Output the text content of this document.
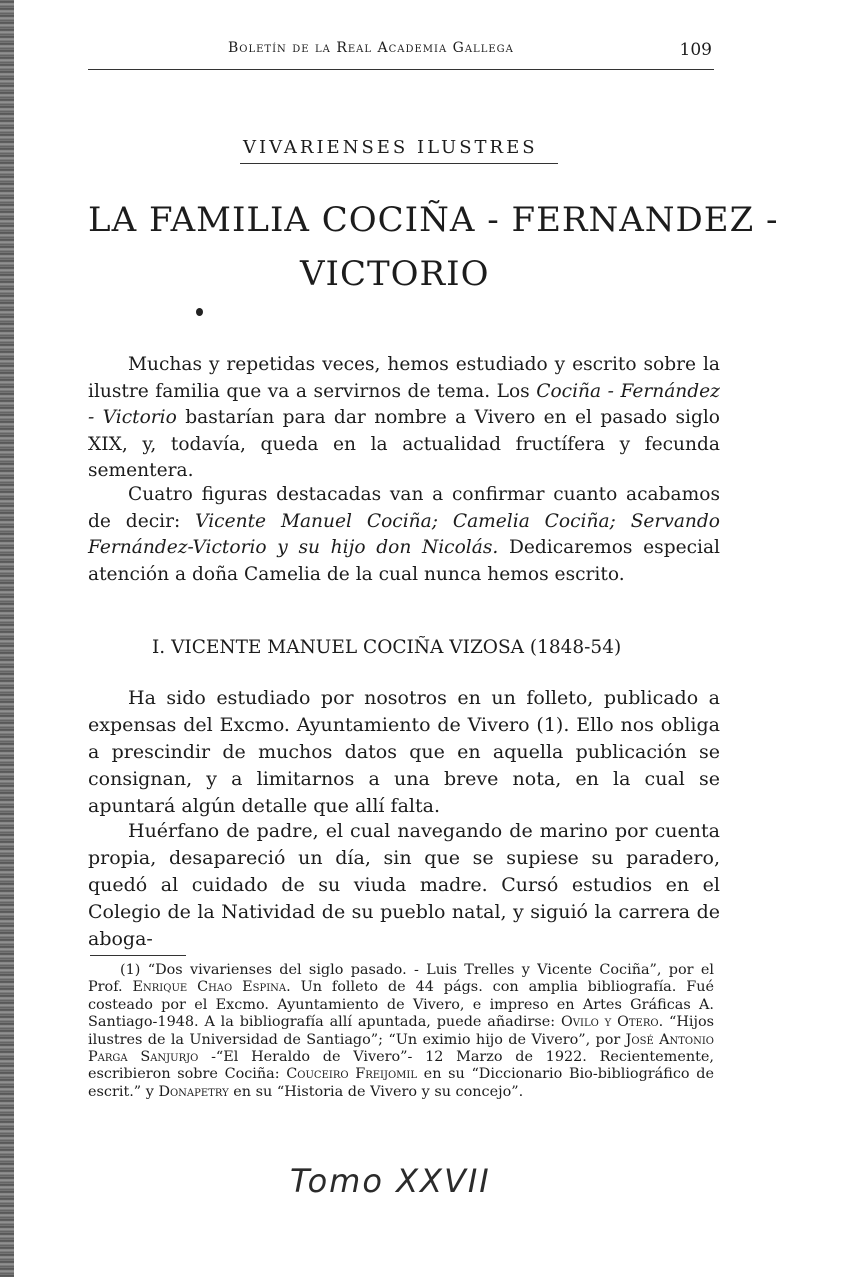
Boletín de la Real Academia Gallega	109
VIVARIENSES ILUSTRES
LA FAMILIA COCIÑA - FERNANDEZ -
VICTORIO

Muchas y repetidas veces, hemos estudiado y escrito sobre la ilustre familia que va a servirnos de tema. Los Cociña - Fernández - Victorio bastarían para dar nombre a Vivero en el pasado siglo XIX, y, todavía, queda en la actualidad fructífera y fecunda sementera.

Cuatro figuras destacadas van a confirmar cuanto acabamos de decir: Vicente Manuel Cociña; Camelia Cociña; Servando Fernández-Victorio y su hijo don Nicolás. Dedicaremos especial atención a doña Camelia de la cual nunca hemos escrito.

I. VICENTE MANUEL COCIÑA VIZOSA (1848-54)

Ha sido estudiado por nosotros en un folleto, publicado a expensas del Excmo. Ayuntamiento de Vivero (1). Ello nos obliga a prescindir de muchos datos que en aquella publicación se consignan, y a limitarnos a una breve nota, en la cual se apuntará algún detalle que allí falta.

Huérfano de padre, el cual navegando de marino por cuenta propia, desapareció un día, sin que se supiese su paradero, quedó al cuidado de su viuda madre. Cursó estudios en el Colegio de la Natividad de su pueblo natal, y siguió la carrera de aboga-

(1) “Dos vivarienses del siglo pasado. - Luis Trelles y Vicente Cociña”, por el Prof. Enrique Chao Espina. Un folleto de 44 págs. con amplia bibliografía. Fué costeado por el Excmo. Ayuntamiento de Vivero, e impreso en Artes Gráficas A. Santiago-1948. A la bibliografía allí apuntada, puede añadirse: Ovilo y Otero. “Hijos ilustres de la Universidad de Santiago”; “Un eximio hijo de Vivero”, por José Antonio Parga Sanjurjo -“El Heraldo de Vivero”- 12 Marzo de 1922. Recientemente, escribieron sobre Cociña: Couceiro Freijomil en su “Diccionario Bio-bibliográfico de escrit.” y Donapetry en su “Historia de Vivero y su concejo”.

Tomo XXVII
